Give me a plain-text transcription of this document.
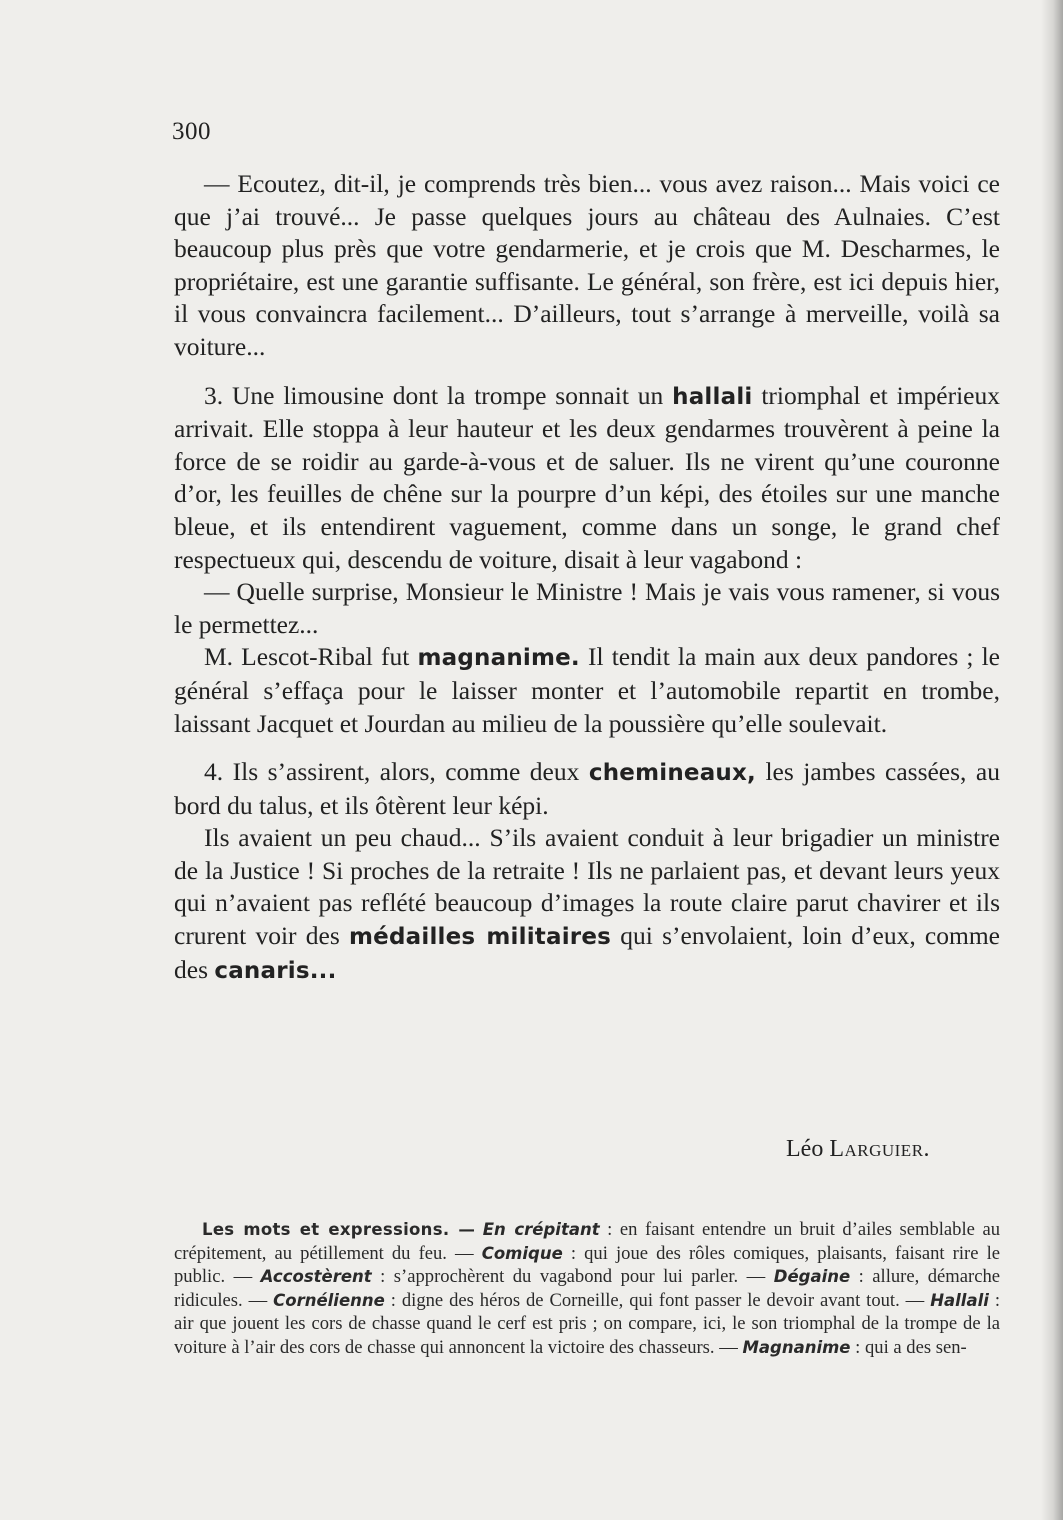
300

— Ecoutez, dit-il, je comprends très bien... vous avez raison... Mais voici ce que j’ai trouvé... Je passe quelques jours au château des Aulnaies. C’est beaucoup plus près que votre gendarmerie, et je crois que M. Descharmes, le propriétaire, est une garantie suffisante. Le général, son frère, est ici depuis hier, il vous convaincra facilement... D’ailleurs, tout s’arrange à merveille, voilà sa voiture...

3. Une limousine dont la trompe sonnait un hallali triomphal et impérieux arrivait. Elle stoppa à leur hauteur et les deux gendarmes trouvèrent à peine la force de se roidir au garde-à-vous et de saluer. Ils ne virent qu’une couronne d’or, les feuilles de chêne sur la pourpre d’un képi, des étoiles sur une manche bleue, et ils entendirent vaguement, comme dans un songe, le grand chef respectueux qui, descendu de voiture, disait à leur vagabond :

— Quelle surprise, Monsieur le Ministre ! Mais je vais vous ramener, si vous le permettez...

M. Lescot-Ribal fut magnanime. Il tendit la main aux deux pandores ; le général s’effaça pour le laisser monter et l’automobile repartit en trombe, laissant Jacquet et Jourdan au milieu de la poussière qu’elle soulevait.

4. Ils s’assirent, alors, comme deux chemineaux, les jambes cassées, au bord du talus, et ils ôtèrent leur képi.

Ils avaient un peu chaud... S’ils avaient conduit à leur brigadier un ministre de la Justice ! Si proches de la retraite ! Ils ne parlaient pas, et devant leurs yeux qui n’avaient pas reflété beaucoup d’images la route claire parut chavirer et ils crurent voir des médailles militaires qui s’envolaient, loin d’eux, comme des canaris...

Léo Larguier.

Les mots et expressions. — En crépitant : en faisant entendre un bruit d’ailes semblable au crépitement, au pétillement du feu. — Comique : qui joue des rôles comiques, plaisants, faisant rire le public. — Accostèrent : s’approchèrent du vagabond pour lui parler. — Dégaine : allure, démarche ridicules. — Cornélienne : digne des héros de Corneille, qui font passer le devoir avant tout. — Hallali : air que jouent les cors de chasse quand le cerf est pris ; on compare, ici, le son triomphal de la trompe de la voiture à l’air des cors de chasse qui annoncent la victoire des chasseurs. — Magnanime : qui a des sen-
